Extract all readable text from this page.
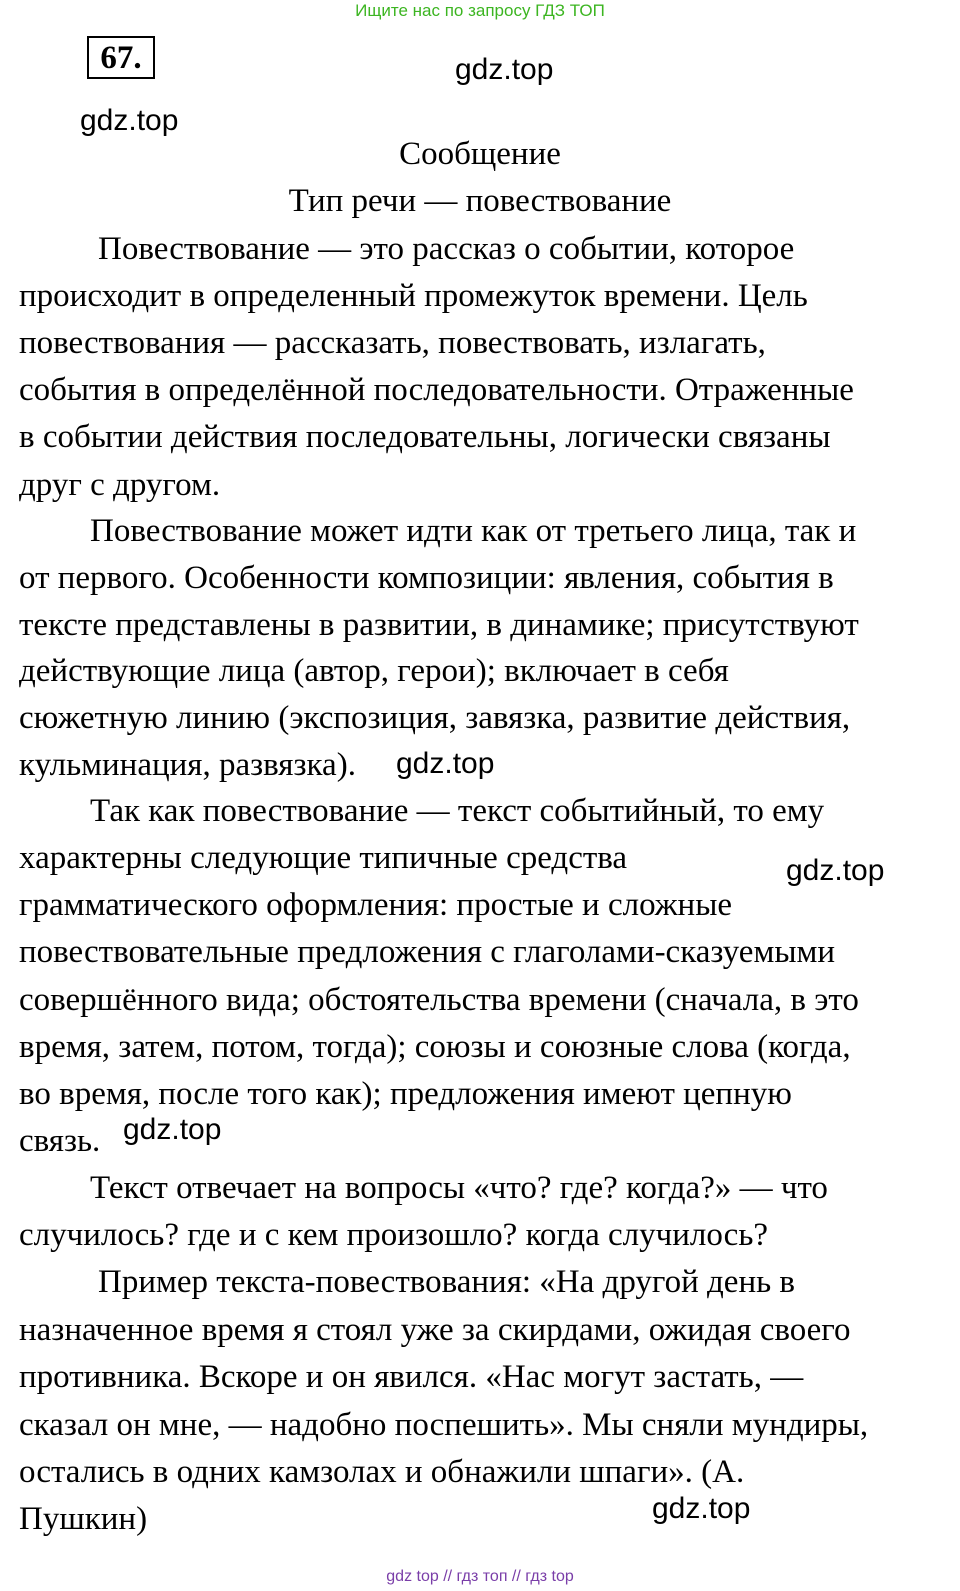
Ищите нас по запросу ГДЗ ТОП
67.	gdz.top
gdz.top
Сообщение
Тип речи — повествование
Повествование — это рассказ о событии, которое
происходит в определенный промежуток времени. Цель
повествования — рассказать, повествовать, излагать,
события в определённой последовательности. Отраженные
в событии действия последовательны, логически связаны
друг с другом.
Повествование может идти как от третьего лица, так и
от первого. Особенности композиции: явления, события в
тексте представлены в развитии, в динамике; присутствуют
действующие лица (автор, герои); включает в себя
сюжетную линию (экспозиция, завязка, развитие действия,
кульминация, развязка). gdz.top
Так как повествование — текст событийный, то ему
характерны следующие типичные средства	gdz.top
грамматического оформления: простые и сложные
повествовательные предложения с глаголами-сказуемыми
совершённого вида; обстоятельства времени (сначала, в это
время, затем, потом, тогда); союзы и союзные слова (когда,
во время, после того как); предложения имеют цепную
связь. gdz.top
Текст отвечает на вопросы «что? где? когда?» — что
случилось? где и с кем произошло? когда случилось?
Пример текста-повествования: «На другой день в
назначенное время я стоял уже за скирдами, ожидая своего
противника. Вскоре и он явился. «Нас могут застать, —
сказал он мне, — надобно поспешить». Мы сняли мундиры,
остались в одних камзолах и обнажили шпаги». (А.
Пушкин)	gdz.top
gdz top // гдз топ // гдз top
